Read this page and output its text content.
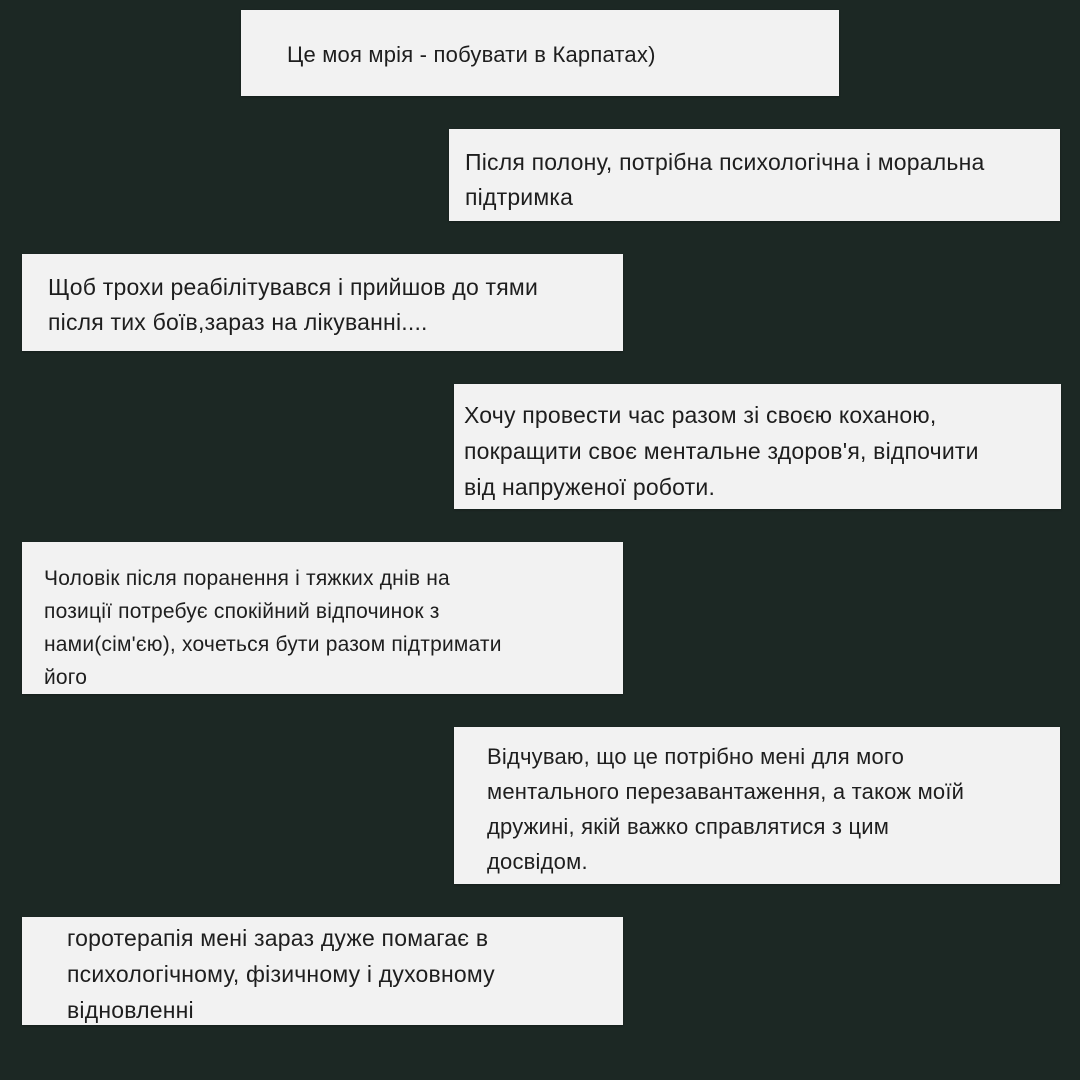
Це моя мрія - побувати в Карпатах)
Після полону, потрібна психологічна і моральна
підтримка
Щоб трохи реабілітувався і прийшов до тями
після тих боїв,зараз на лікуванні....
Хочу провести час разом зі своєю коханою,
покращити своє ментальне здоров'я, відпочити
від напруженої роботи.
Чоловік після поранення і тяжких днів на
позиції потребує спокійний відпочинок з
нами(сім'єю), хочеться бути разом підтримати
його
Відчуваю, що це потрібно мені для мого
ментального перезавантаження, а також моїй
дружині, якій важко справлятися з цим
досвідом.
горотерапія мені зараз дуже помагає в
психологічному, фізичному і духовному
відновленні
